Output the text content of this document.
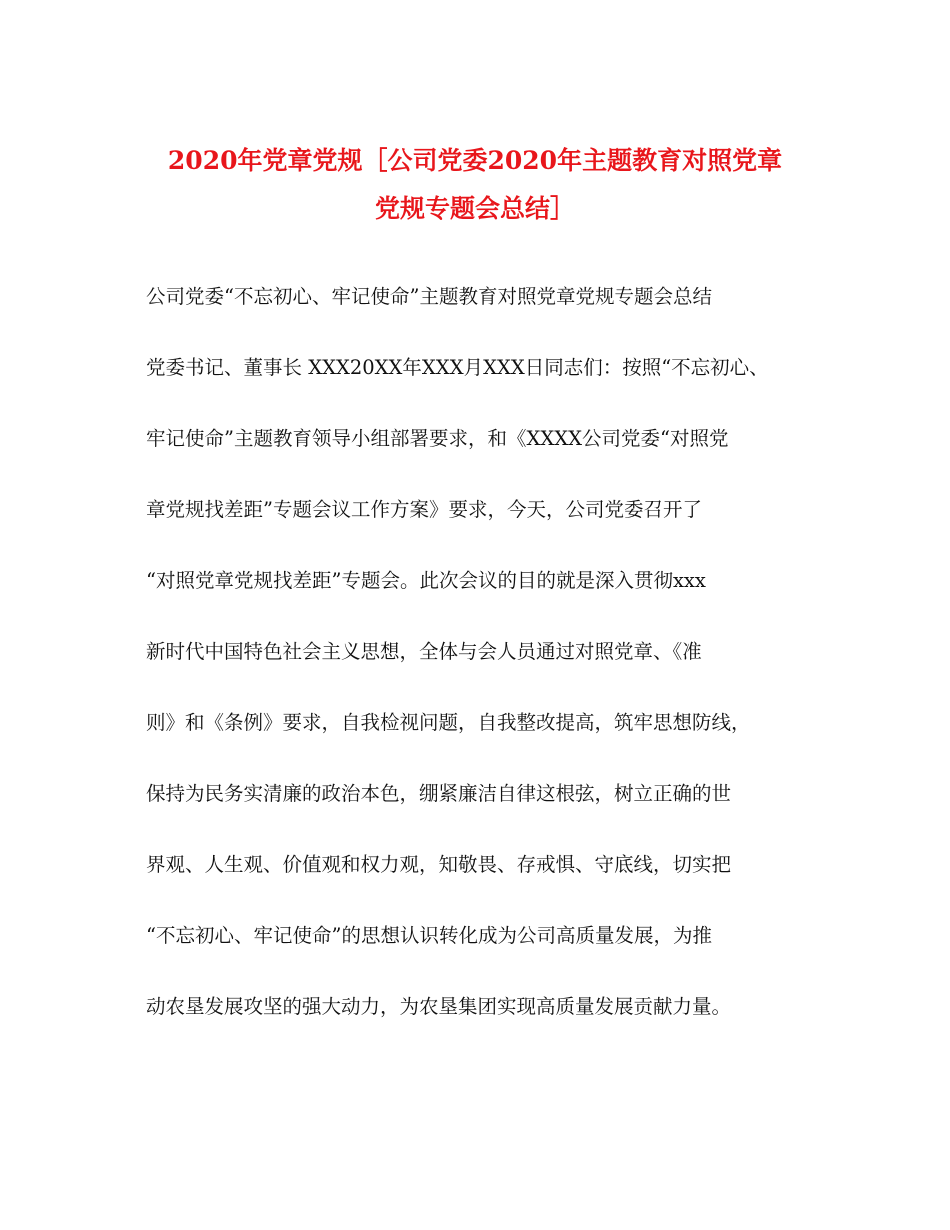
2020年党章党规［公司党委2020年主题教育对照党章
党规专题会总结］
公司党委“不忘初心、牢记使命”主题教育对照党章党规专题会总结
党委书记、董事长 XXX20XX年XXX月XXX日同志们：按照“不忘初心、
牢记使命”主题教育领导小组部署要求，和《XXXX公司党委“对照党
章党规找差距”专题会议工作方案》要求，今天，公司党委召开了
“对照党章党规找差距”专题会。此次会议的目的就是深入贯彻xxx
新时代中国特色社会主义思想，全体与会人员通过对照党章、《准
则》和《条例》要求，自我检视问题，自我整改提高，筑牢思想防线，
保持为民务实清廉的政治本色，绷紧廉洁自律这根弦，树立正确的世
界观、人生观、价值观和权力观，知敬畏、存戒惧、守底线，切实把
“不忘初心、牢记使命”的思想认识转化成为公司高质量发展，为推
动农垦发展攻坚的强大动力，为农垦集团实现高质量发展贡献力量。
